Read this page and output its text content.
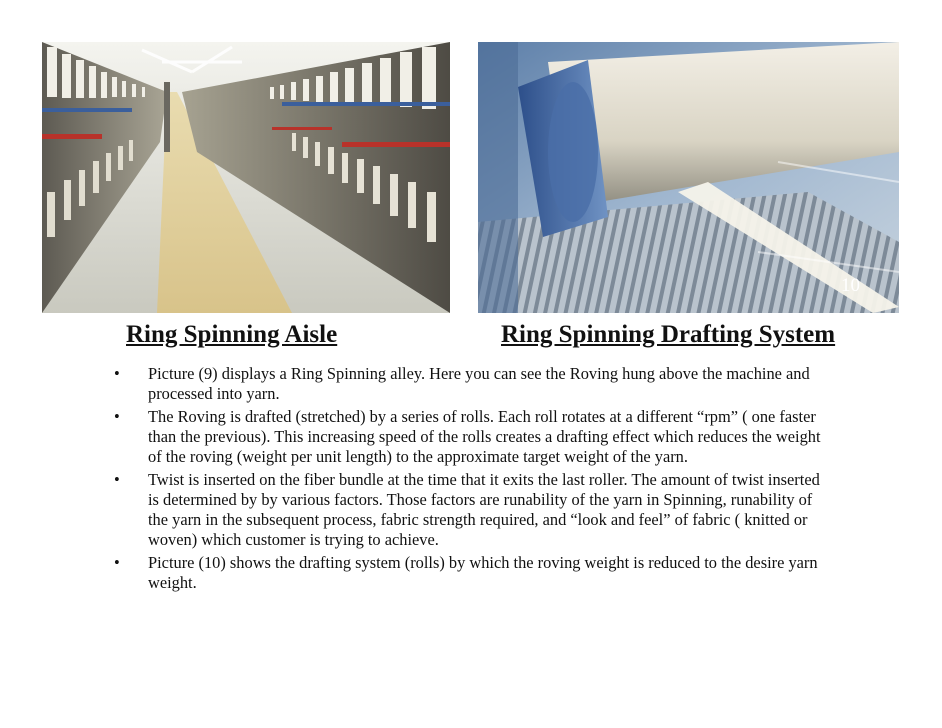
9
10
Ring Spinning Aisle	Ring Spinning Drafting System
• Picture (9) displays a Ring Spinning alley. Here you can see the Roving hung above the machine and processed into yarn.
• The Roving is drafted (stretched) by a series of rolls. Each roll rotates at a different “rpm” ( one faster than the previous). This increasing speed of the rolls creates a drafting effect which reduces the weight of the roving (weight per unit length) to the approximate target weight of the yarn.
• Twist is inserted on the fiber bundle at the time that it exits the last roller. The amount of twist inserted is determined by by various factors. Those factors are runability of the yarn in Spinning, runability of the yarn in the subsequent process, fabric strength required, and “look and feel” of fabric ( knitted or woven) which customer is trying to achieve.
• Picture (10) shows the drafting system (rolls) by which the roving weight is reduced to the desire yarn weight.
